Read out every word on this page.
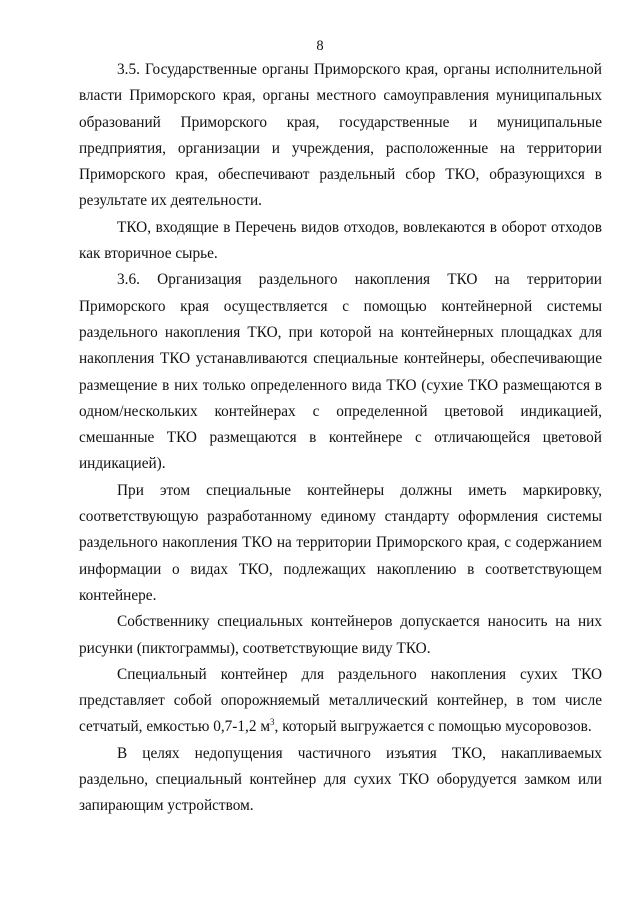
8

3.5. Государственные органы Приморского края, органы исполнительной власти Приморского края, органы местного самоуправления муниципальных образований Приморского края, государственные и муниципальные предприятия, организации и учреждения, расположенные на территории Приморского края, обеспечивают раздельный сбор ТКО, образующихся в результате их деятельности.

ТКО, входящие в Перечень видов отходов, вовлекаются в оборот отходов как вторичное сырье.

3.6. Организация раздельного накопления ТКО на территории Приморского края осуществляется с помощью контейнерной системы раздельного накопления ТКО, при которой на контейнерных площадках для накопления ТКО устанавливаются специальные контейнеры, обеспечивающие размещение в них только определенного вида ТКО (сухие ТКО размещаются в одном/нескольких контейнерах с определенной цветовой индикацией, смешанные ТКО размещаются в контейнере с отличающейся цветовой индикацией).

При этом специальные контейнеры должны иметь маркировку, соответствующую разработанному единому стандарту оформления системы раздельного накопления ТКО на территории Приморского края, с содержанием информации о видах ТКО, подлежащих накоплению в соответствующем контейнере.

Собственнику специальных контейнеров допускается наносить на них рисунки (пиктограммы), соответствующие виду ТКО.

Специальный контейнер для раздельного накопления сухих ТКО представляет собой опорожняемый металлический контейнер, в том числе сетчатый, емкостью 0,7-1,2 $м^3$, который выгружается с помощью мусоровозов.

В целях недопущения частичного изъятия ТКО, накапливаемых раздельно, специальный контейнер для сухих ТКО оборудуется замком или запирающим устройством.
